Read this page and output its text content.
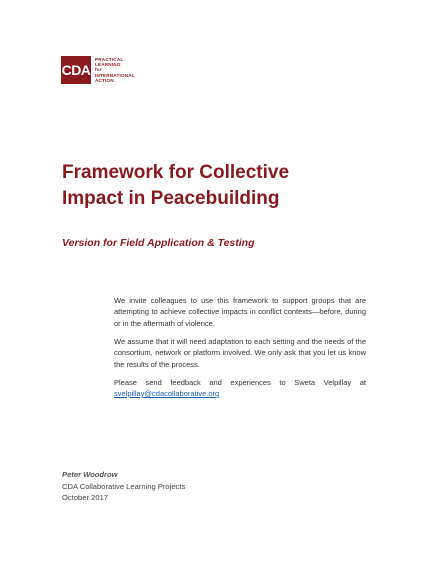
CDA
PRACTICAL
LEARNING
for
INTERNATIONAL
ACTION
Framework for Collective
Impact in Peacebuilding

Version for Field Application & Testing

We invite colleagues to use this framework to support groups that are attempting to achieve collective impacts in conflict contexts—before, during or in the aftermath of violence.

We assume that it will need adaptation to each setting and the needs of the consortium, network or platform involved. We only ask that you let us know the results of the process.

Please send feedback and experiences to Sweta Velpillay at svelpillay@cdacollaborative.org

Peter Woodrow
CDA Collaborative Learning Projects
October 2017
